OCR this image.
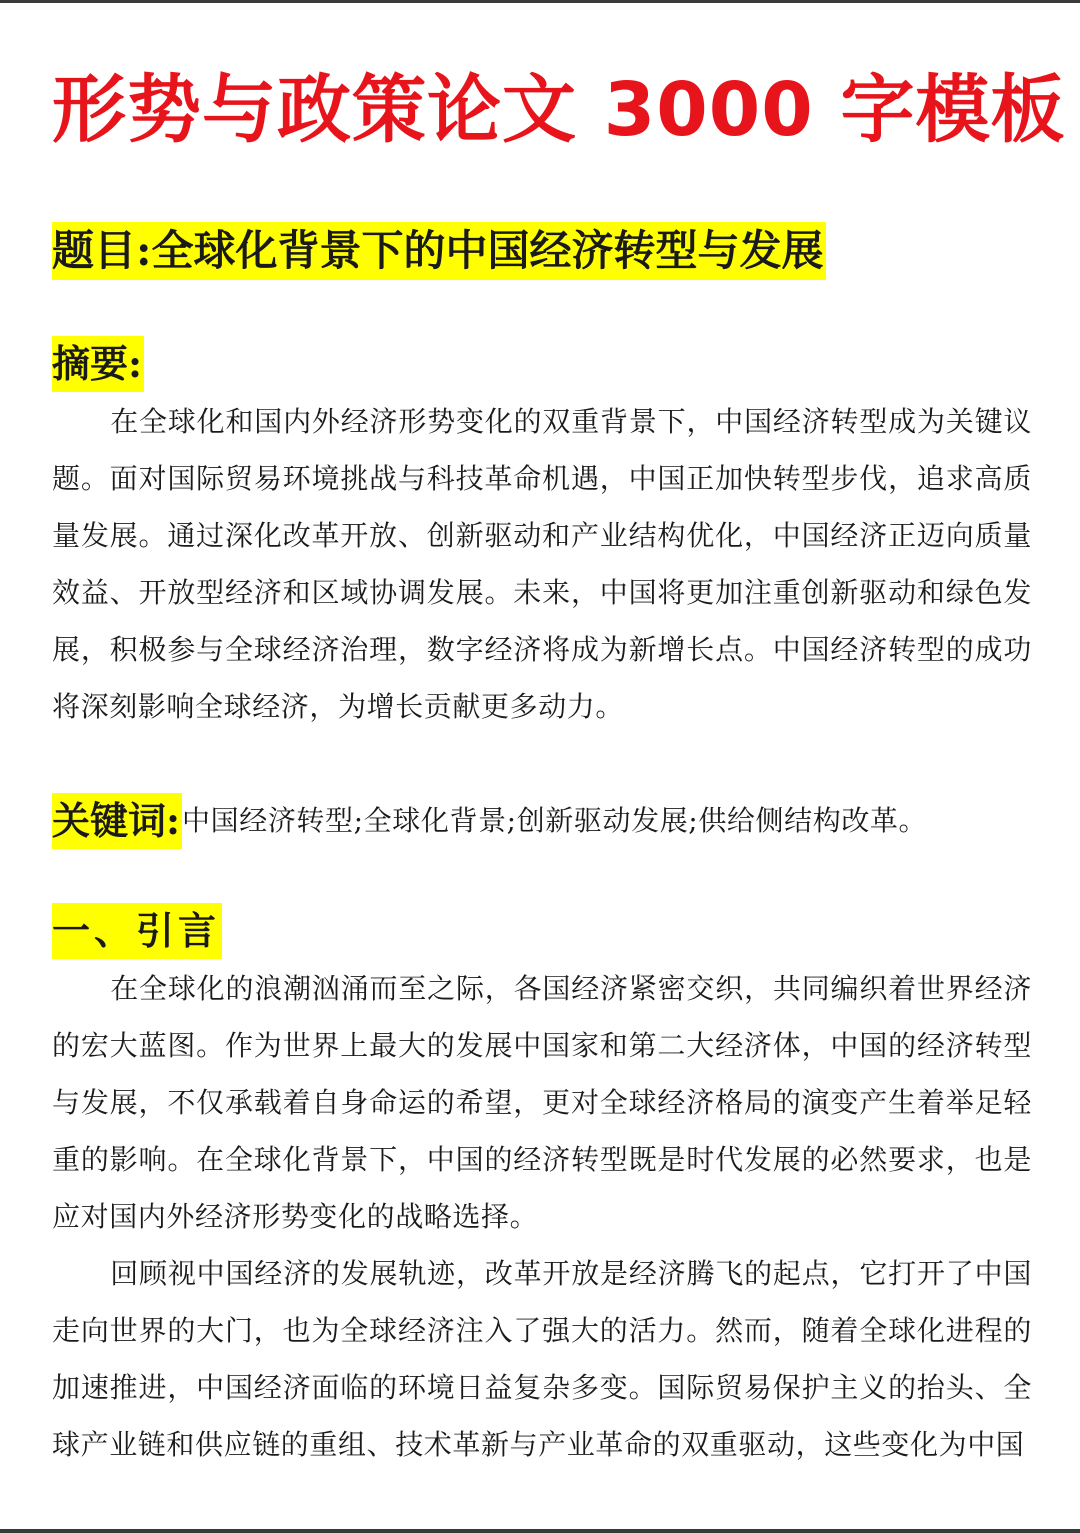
形势与政策论文 3000 字模板
题目:全球化背景下的中国经济转型与发展
摘要:

在全球化和国内外经济形势变化的双重背景下，中国经济转型成为关键议题。面对国际贸易环境挑战与科技革命机遇，中国正加快转型步伐，追求高质量发展。通过深化改革开放、创新驱动和产业结构优化，中国经济正迈向质量效益、开放型经济和区域协调发展。未来，中国将更加注重创新驱动和绿色发展，积极参与全球经济治理，数字经济将成为新增长点。中国经济转型的成功将深刻影响全球经济，为增长贡献更多动力。

关键词:中国经济转型;全球化背景;创新驱动发展;供给侧结构改革。
一、引言

在全球化的浪潮汹涌而至之际，各国经济紧密交织，共同编织着世界经济的宏大蓝图。作为世界上最大的发展中国家和第二大经济体，中国的经济转型与发展，不仅承载着自身命运的希望，更对全球经济格局的演变产生着举足轻重的影响。在全球化背景下，中国的经济转型既是时代发展的必然要求，也是应对国内外经济形势变化的战略选择。

回顾视中国经济的发展轨迹，改革开放是经济腾飞的起点，它打开了中国走向世界的大门，也为全球经济注入了强大的活力。然而，随着全球化进程的加速推进，中国经济面临的环境日益复杂多变。国际贸易保护主义的抬头、全球产业链和供应链的重组、技术革新与产业革命的双重驱动，这些变化为中国
